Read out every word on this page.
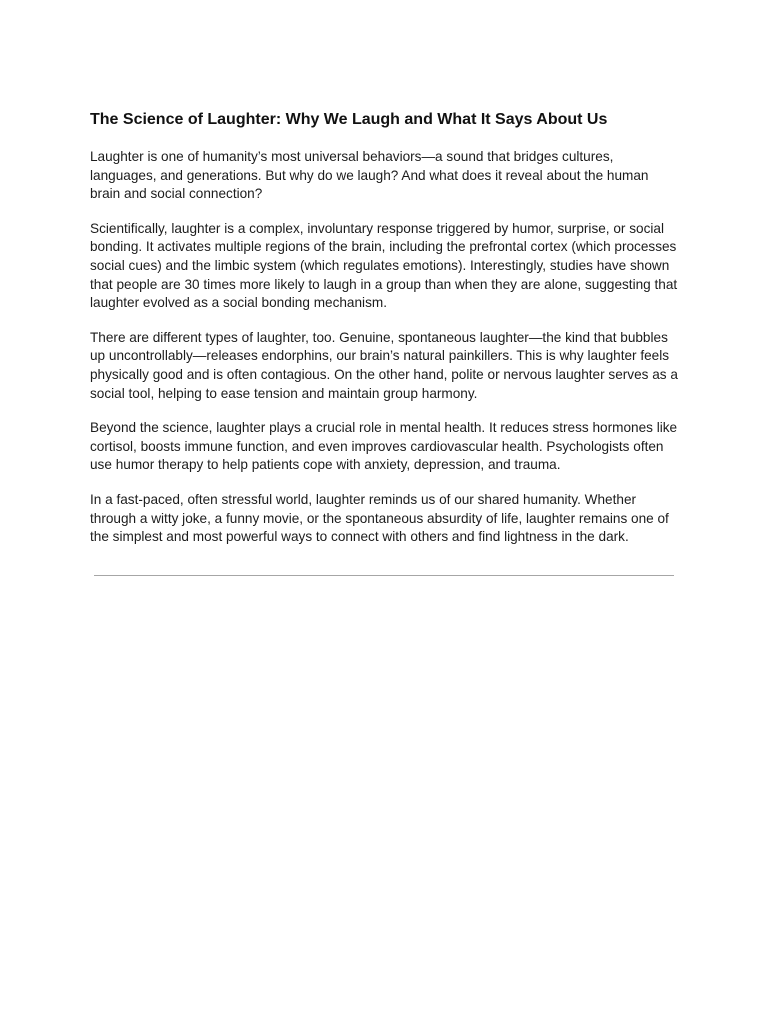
The Science of Laughter: Why We Laugh and What It Says About Us

Laughter is one of humanity’s most universal behaviors—a sound that bridges cultures, languages, and generations. But why do we laugh? And what does it reveal about the human brain and social connection?

Scientifically, laughter is a complex, involuntary response triggered by humor, surprise, or social bonding. It activates multiple regions of the brain, including the prefrontal cortex (which processes social cues) and the limbic system (which regulates emotions). Interestingly, studies have shown that people are 30 times more likely to laugh in a group than when they are alone, suggesting that laughter evolved as a social bonding mechanism.

There are different types of laughter, too. Genuine, spontaneous laughter—the kind that bubbles up uncontrollably—releases endorphins, our brain’s natural painkillers. This is why laughter feels physically good and is often contagious. On the other hand, polite or nervous laughter serves as a social tool, helping to ease tension and maintain group harmony.

Beyond the science, laughter plays a crucial role in mental health. It reduces stress hormones like cortisol, boosts immune function, and even improves cardiovascular health. Psychologists often use humor therapy to help patients cope with anxiety, depression, and trauma.

In a fast-paced, often stressful world, laughter reminds us of our shared humanity. Whether through a witty joke, a funny movie, or the spontaneous absurdity of life, laughter remains one of the simplest and most powerful ways to connect with others and find lightness in the dark.
